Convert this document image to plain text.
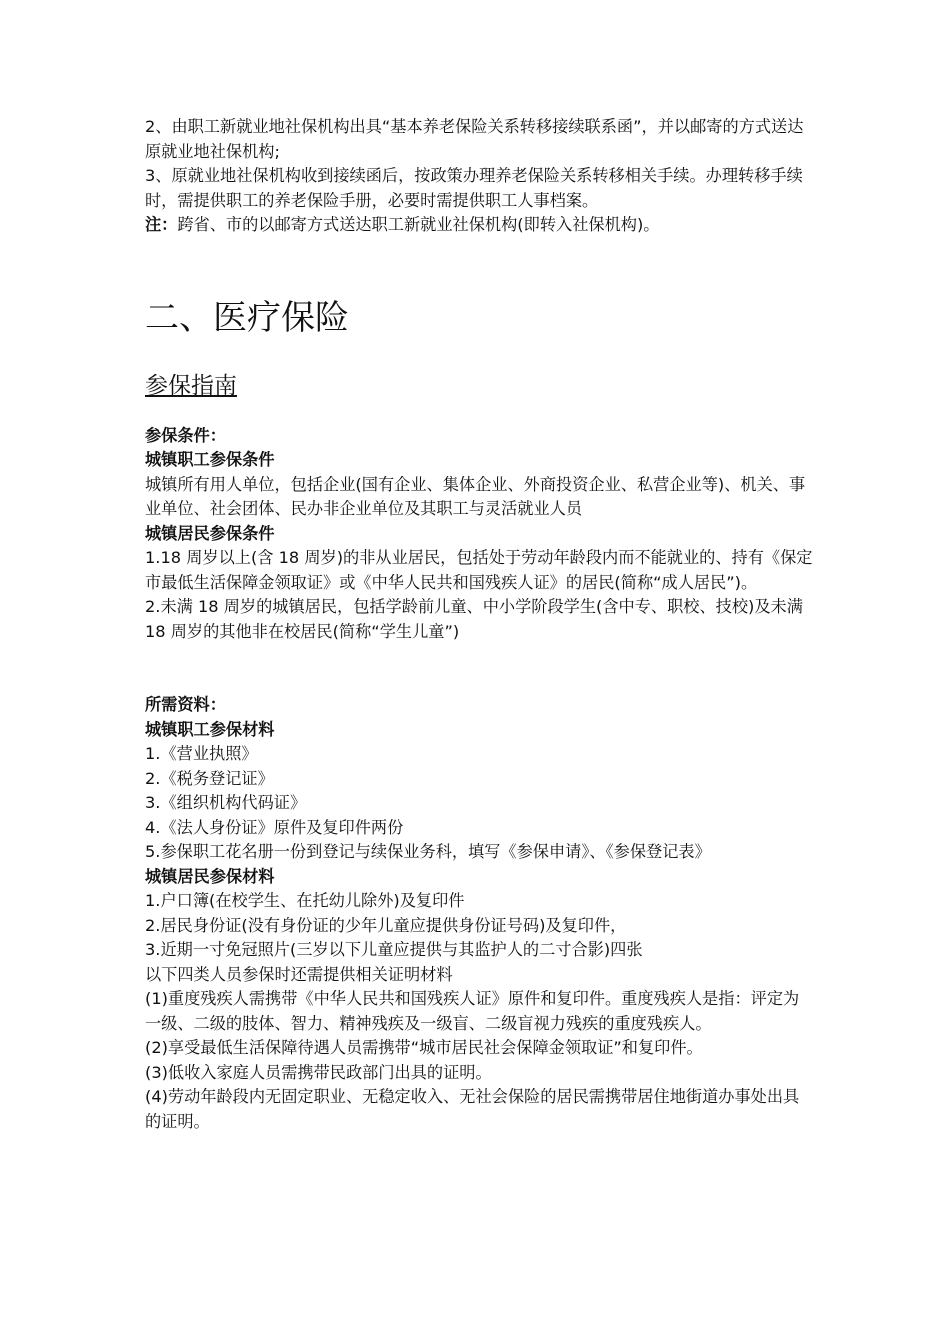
2、由职工新就业地社保机构出具“基本养老保险关系转移接续联系函”，并以邮寄的方式送达原就业地社保机构;

3、原就业地社保机构收到接续函后，按政策办理养老保险关系转移相关手续。办理转移手续时，需提供职工的养老保险手册，必要时需提供职工人事档案。

注：跨省、市的以邮寄方式送达职工新就业社保机构(即转入社保机构)。

二、医疗保险
参保指南

参保条件：

城镇职工参保条件

城镇所有用人单位，包括企业(国有企业、集体企业、外商投资企业、私营企业等)、机关、事业单位、社会团体、民办非企业单位及其职工与灵活就业人员

城镇居民参保条件

1.18 周岁以上(含 18 周岁)的非从业居民，包括处于劳动年龄段内而不能就业的、持有《保定市最低生活保障金领取证》或《中华人民共和国残疾人证》的居民(简称“成人居民”)。

2.未满 18 周岁的城镇居民，包括学龄前儿童、中小学阶段学生(含中专、职校、技校)及未满 18 周岁的其他非在校居民(简称“学生儿童”)

所需资料：

城镇职工参保材料

1.《营业执照》

2.《税务登记证》

3.《组织机构代码证》

4.《法人身份证》原件及复印件两份

5.参保职工花名册一份到登记与续保业务科，填写《参保申请》、《参保登记表》

城镇居民参保材料

1.户口簿(在校学生、在托幼儿除外)及复印件

2.居民身份证(没有身份证的少年儿童应提供身份证号码)及复印件，

3.近期一寸免冠照片(三岁以下儿童应提供与其监护人的二寸合影)四张

以下四类人员参保时还需提供相关证明材料

(1)重度残疾人需携带《中华人民共和国残疾人证》原件和复印件。重度残疾人是指：评定为一级、二级的肢体、智力、精神残疾及一级盲、二级盲视力残疾的重度残疾人。

(2)享受最低生活保障待遇人员需携带“城市居民社会保障金领取证”和复印件。

(3)低收入家庭人员需携带民政部门出具的证明。

(4)劳动年龄段内无固定职业、无稳定收入、无社会保险的居民需携带居住地街道办事处出具的证明。
